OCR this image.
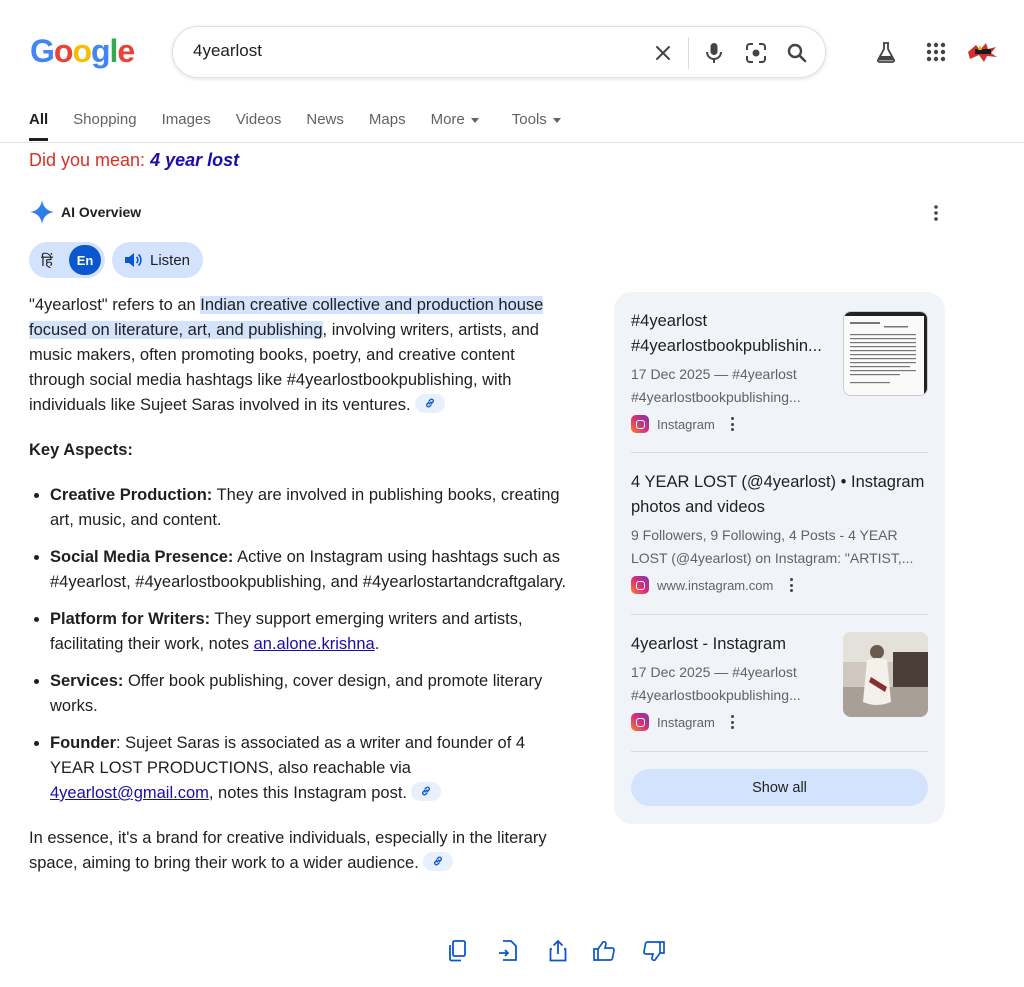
Google
4yearlost
All Shopping Images Videos News Maps More	Tools
Did you mean: 4 year lost
AI Overview
हिं	En	Listen

"4yearlost" refers to an Indian creative collective and production house focused on literature, art, and publishing, involving writers, artists, and music makers, often promoting books, poetry, and creative content through social media hashtags like #4yearlostbookpublishing, with individuals like Sujeet Saras involved in its ventures.

Key Aspects:

• Creative Production: They are involved in publishing books, creating art, music, and content.
• Social Media Presence: Active on Instagram using hashtags such as #4yearlost, #4yearlostbookpublishing, and #4yearlostartandcraftgalary.
• Platform for Writers: They support emerging writers and artists, facilitating their work, notes an.alone.krishna.
• Services: Offer book publishing, cover design, and promote literary works.
• Founder: Sujeet Saras is associated as a writer and founder of 4 YEAR LOST PRODUCTIONS, also reachable via 4yearlost@gmail.com, notes this Instagram post.

In essence, it's a brand for creative individuals, especially in the literary space, aiming to bring their work to a wider audience.

#4yearlost #4yearlostbookpublishin...
17 Dec 2025 — #4yearlost #4yearlostbookpublishing...
Instagram
4 YEAR LOST (@4yearlost) • Instagram photos and videos
9 Followers, 9 Following, 4 Posts - 4 YEAR LOST (@4yearlost) on Instagram: "ARTIST,...
www.instagram.com
4yearlost - Instagram
17 Dec 2025 — #4yearlost #4yearlostbookpublishing...
Instagram
Show all
